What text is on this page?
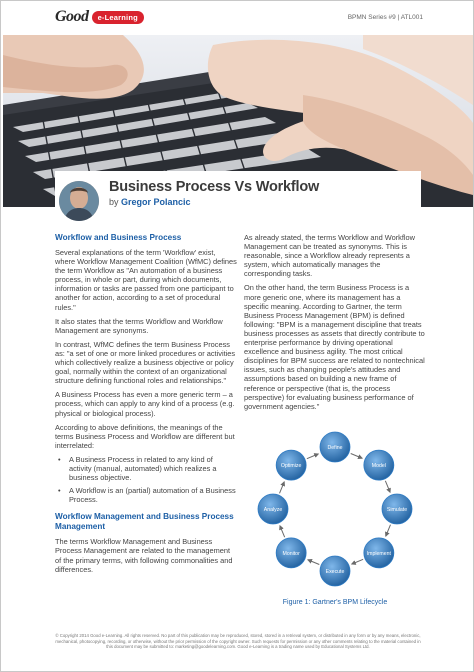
Good	e-Learning	BPMN Series #9 | ATL001
Business Process Vs Workflow
by Gregor Polancic
Workflow and Business Process

Several explanations of the term 'Workflow' exist, where Workflow Management Coalition (WfMC) defines the term Workflow as "An automation of a business process, in whole or part, during which documents, information or tasks are passed from one participant to another for action, according to a set of procedural rules."

It also states that the terms Workflow and Workflow Management are synonyms.

In contrast, WfMC defines the term Business Process as: "a set of one or more linked procedures or activities which collectively realize a business objective or policy goal, normally within the context of an organizational structure defining functional roles and relationships."

A Business Process has even a more generic term – a process, which can apply to any kind of a process (e.g. physical or biological process).

According to above definitions, the meanings of the terms Business Process and Workflow are different but interrelated:

• A Business Process in related to any kind of activity (manual, automated) which realizes a business objective.
• A Workflow is an (partial) automation of a Business Process.
Workflow Management and Business Process Management

The terms Workflow Management and Business Process Management are related to the management of the primary terms, with following commonalities and differences.

As already stated, the terms Workflow and Workflow Management can be treated as synonyms. This is reasonable, since a Workflow already represents a system, which automatically manages the corresponding tasks.

On the other hand, the term Business Process is a more generic one, where its management has a specific meaning. According to Gartner, the term Business Process Management (BPM) is defined following: "BPM is a management discipline that treats business processes as assets that directly contribute to enterprise performance by driving operational excellence and business agility. The most critical disciplines for BPM success are related to nontechnical issues, such as changing people's attitudes and assumptions based on building a new frame of reference or perspective (that is, the process perspective) for evaluating business performance of government agencies."

Define
Model
Simulate
Implement
Execute
Monitor
Analyze
Optimize
Figure 1: Gartner's BPM Lifecycle
© Copyright 2014 Good e-Learning. All rights reserved. No part of this publication may be reproduced, stored, stored in a retrieval system, or distributed in any form or by any means, electronic, mechanical, photocopying, recording, or otherwise, without the prior permission of the copyright owner. Such requests for permission or any other comments relating to the material contained in this document may be submitted to: marketing@goodelearning.com. Good e-Learning is a trading name used by Educational Systems Ltd.
